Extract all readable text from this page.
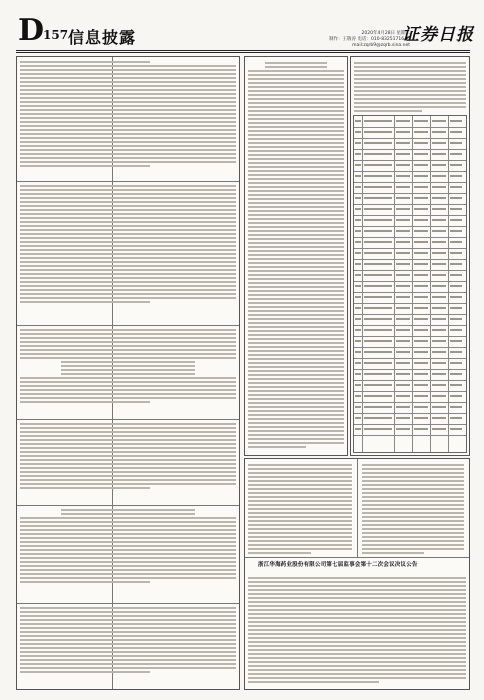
D
157 信息披露	2020年4月28日 星期二
制作：王敬涛 电话：010-83251716 E-mail:zqrb9@zqrb.sina.net
证券日报
浙江华海药业股份有限公司第七届监事会第十二次会议决议公告
